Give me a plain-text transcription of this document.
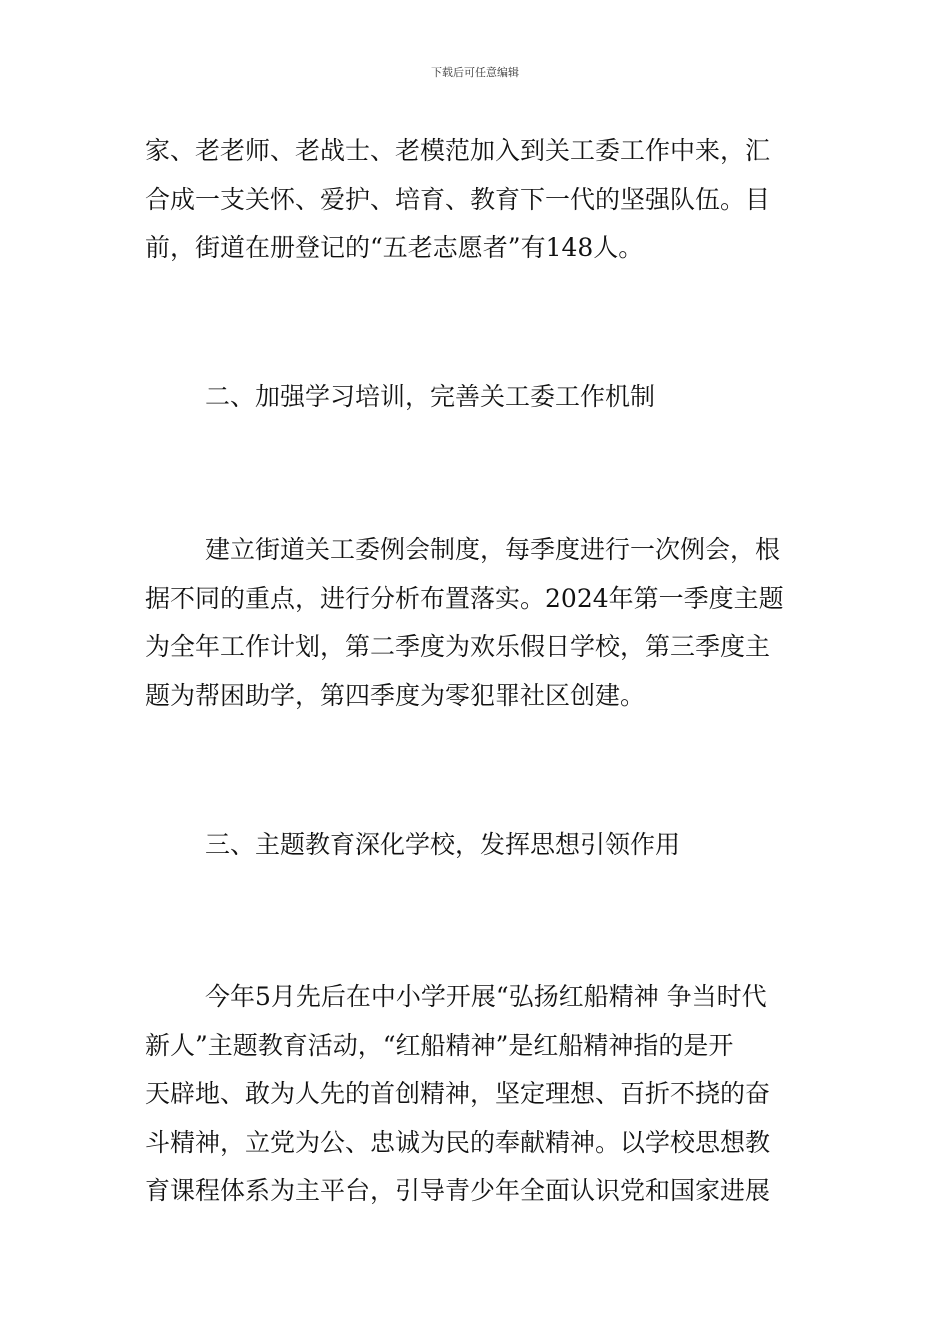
下载后可任意编辑
家、老老师、老战士、老模范加入到关工委工作中来，汇
合成一支关怀、爱护、培育、教育下一代的坚强队伍。目
前，街道在册登记的“五老志愿者”有148人。
二、加强学习培训，完善关工委工作机制
建立街道关工委例会制度，每季度进行一次例会，根
据不同的重点，进行分析布置落实。2024年第一季度主题
为全年工作计划，第二季度为欢乐假日学校，第三季度主
题为帮困助学，第四季度为零犯罪社区创建。
三、主题教育深化学校，发挥思想引领作用
今年5月先后在中小学开展“弘扬红船精神 争当时代
新人”主题教育活动，“红船精神”是红船精神指的是开
天辟地、敢为人先的首创精神，坚定理想、百折不挠的奋
斗精神，立党为公、忠诚为民的奉献精神。以学校思想教
育课程体系为主平台，引导青少年全面认识党和国家进展
